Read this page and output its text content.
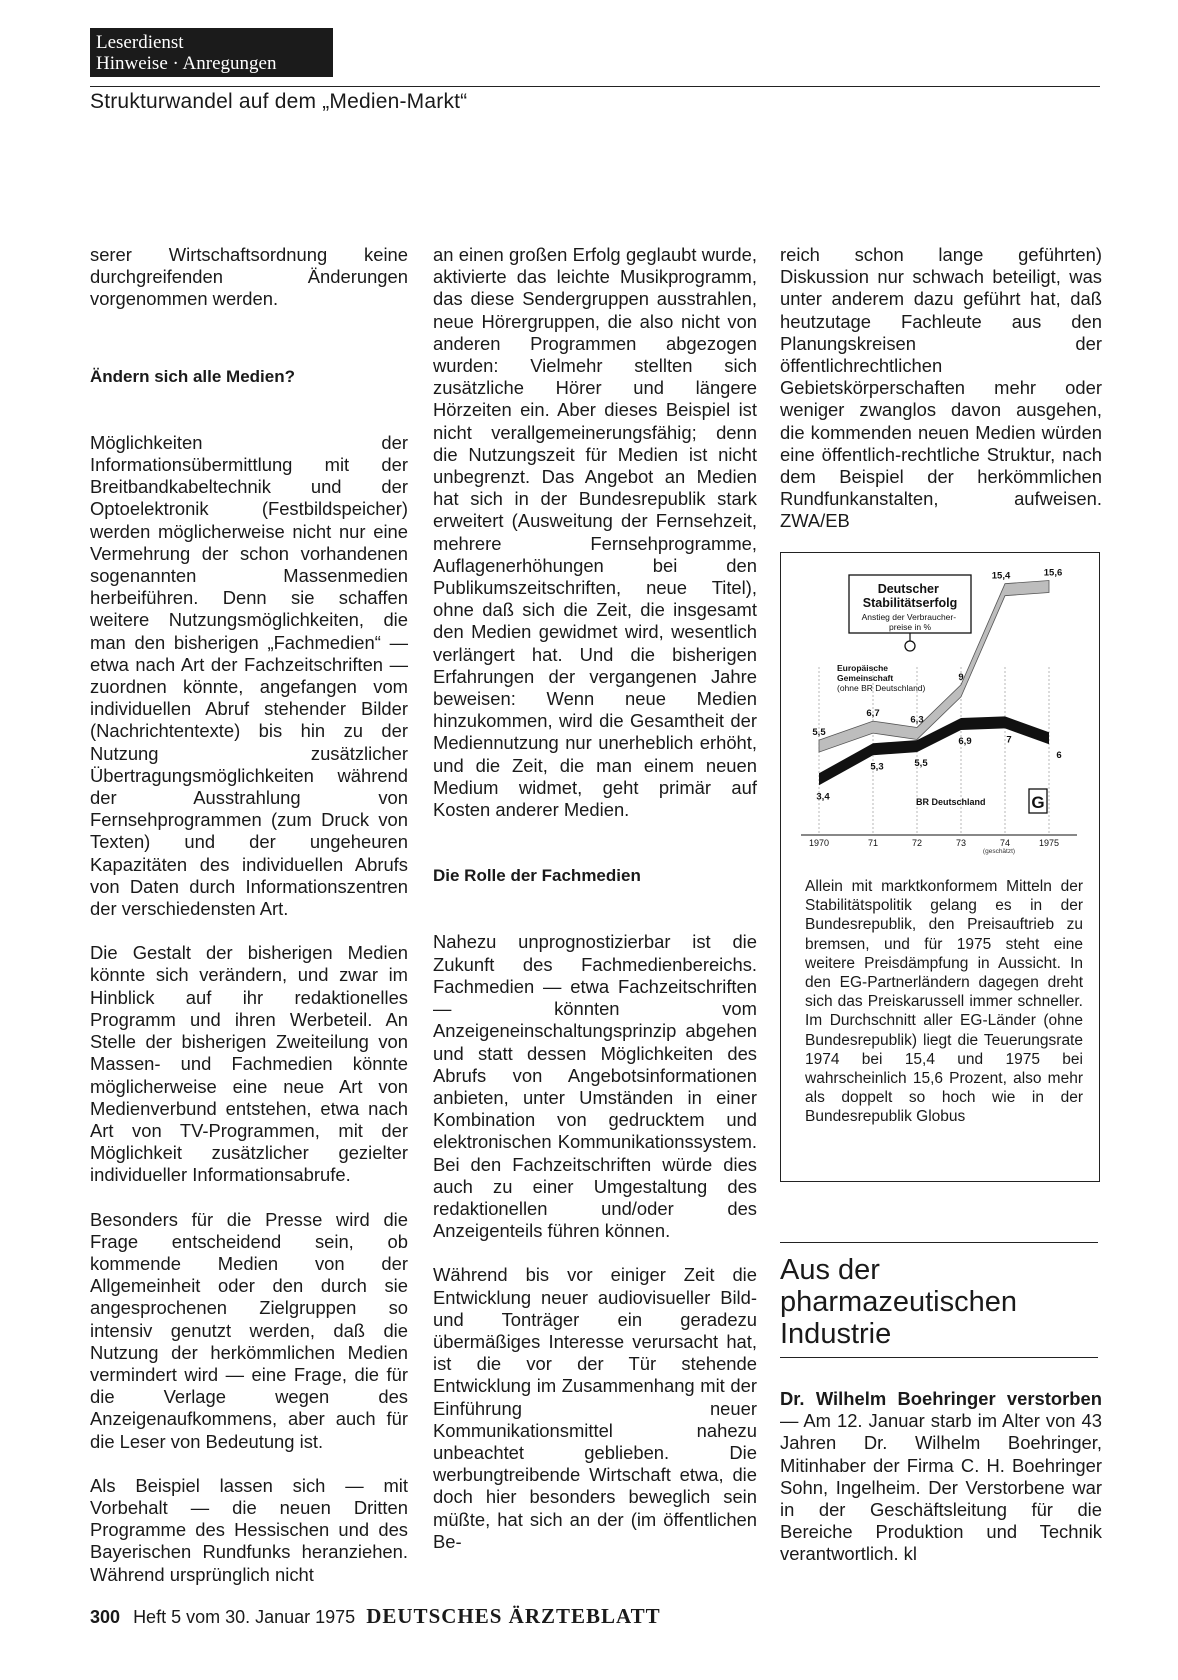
Leserdienst
Hinweise · Anregungen
Strukturwandel auf dem „Medien-Markt“

serer Wirtschaftsordnung keine durchgreifenden Änderungen vorgenommen werden.

Ändern sich alle Medien?

Möglichkeiten der Informationsübermittlung mit der Breitbandkabeltechnik und der Optoelektronik (Festbildspeicher) werden möglicherweise nicht nur eine Vermehrung der schon vorhandenen sogenannten Massenmedien herbeiführen. Denn sie schaffen weitere Nutzungsmöglichkeiten, die man den bisherigen „Fachmedien“ — etwa nach Art der Fachzeitschriften — zuordnen könnte, angefangen vom individuellen Abruf stehender Bilder (Nachrichtentexte) bis hin zu der Nutzung zusätzlicher Übertragungsmöglichkeiten während der Ausstrahlung von Fernsehprogrammen (zum Druck von Texten) und der ungeheuren Kapazitäten des individuellen Abrufs von Daten durch Informationszentren der verschiedensten Art.

Die Gestalt der bisherigen Medien könnte sich verändern, und zwar im Hinblick auf ihr redaktionelles Programm und ihren Werbeteil. An Stelle der bisherigen Zweiteilung von Massen- und Fachmedien könnte möglicherweise eine neue Art von Medienverbund entstehen, etwa nach Art von TV-Programmen, mit der Möglichkeit zusätzlicher gezielter individueller Informationsabrufe.

Besonders für die Presse wird die Frage entscheidend sein, ob kommende Medien von der Allgemeinheit oder den durch sie angesprochenen Zielgruppen so intensiv genutzt werden, daß die Nutzung der herkömmlichen Medien vermindert wird — eine Frage, die für die Verlage wegen des Anzeigenaufkommens, aber auch für die Leser von Bedeutung ist.

Als Beispiel lassen sich — mit Vorbehalt — die neuen Dritten Programme des Hessischen und des Bayerischen Rundfunks heranziehen. Während ursprünglich nicht

an einen großen Erfolg geglaubt wurde, aktivierte das leichte Musikprogramm, das diese Sendergruppen ausstrahlen, neue Hörergruppen, die also nicht von anderen Programmen abgezogen wurden: Vielmehr stellten sich zusätzliche Hörer und längere Hörzeiten ein. Aber dieses Beispiel ist nicht verallgemeinerungsfähig; denn die Nutzungszeit für Medien ist nicht unbegrenzt. Das Angebot an Medien hat sich in der Bundesrepublik stark erweitert (Ausweitung der Fernsehzeit, mehrere Fernsehprogramme, Auflagenerhöhungen bei den Publikumszeitschriften, neue Titel), ohne daß sich die Zeit, die insgesamt den Medien gewidmet wird, wesentlich verlängert hat. Und die bisherigen Erfahrungen der vergangenen Jahre beweisen: Wenn neue Medien hinzukommen, wird die Gesamtheit der Mediennutzung nur unerheblich erhöht, und die Zeit, die man einem neuen Medium widmet, geht primär auf Kosten anderer Medien.

Die Rolle der Fachmedien

Nahezu unprognostizierbar ist die Zukunft des Fachmedienbereichs. Fachmedien — etwa Fachzeitschriften — könnten vom Anzeigeneinschaltungsprinzip abgehen und statt dessen Möglichkeiten des Abrufs von Angebotsinformationen anbieten, unter Umständen in einer Kombination von gedrucktem und elektronischen Kommunikationssystem. Bei den Fachzeitschriften würde dies auch zu einer Umgestaltung des redaktionellen und/oder des Anzeigenteils führen können.

Während bis vor einiger Zeit die Entwicklung neuer audiovisueller Bild- und Tonträger ein geradezu übermäßiges Interesse verursacht hat, ist die vor der Tür stehende Entwicklung im Zusammenhang mit der Einführung neuer Kommunikationsmittel nahezu unbeachtet geblieben. Die werbungtreibende Wirtschaft etwa, die doch hier besonders beweglich sein müßte, hat sich an der (im öffentlichen Be-

reich schon lange geführten) Diskussion nur schwach beteiligt, was unter anderem dazu geführt hat, daß heutzutage Fachleute aus den Planungskreisen der öffentlichrechtlichen Gebietskörperschaften mehr oder weniger zwanglos davon ausgehen, die kommenden neuen Medien würden eine öffentlich-rechtliche Struktur, nach dem Beispiel der herkömmlichen Rundfunkanstalten, aufweisen. ZWA/EB

Deutscher Stabilitätserfolg
Anstieg der Verbraucher- preise in %
Europäische Gemeinschaft (ohne BR Deutschland)
BR Deutschland
5,5
6,7
6,3
9
15,4	15,6
3,4
5,3	5,5
6,9	7
6
1970	71	72	73	74	1975
(geschätzt)
G

Allein mit marktkonformem Mitteln der Stabilitätspolitik gelang es in der Bundesrepublik, den Preisauftrieb zu bremsen, und für 1975 steht eine weitere Preisdämpfung in Aussicht. In den EG-Partnerländern dagegen dreht sich das Preiskarussell immer schneller. Im Durchschnitt aller EG-Länder (ohne Bundesrepublik) liegt die Teuerungsrate 1974 bei 15,4 und 1975 bei wahrscheinlich 15,6 Prozent, also mehr als doppelt so hoch wie in der Bundesrepublik Globus

Aus der pharmazeutischen Industrie

Dr. Wilhelm Boehringer verstorben — Am 12. Januar starb im Alter von 43 Jahren Dr. Wilhelm Boehringer, Mitinhaber der Firma C. H. Boehringer Sohn, Ingelheim. Der Verstorbene war in der Geschäftsleitung für die Bereiche Produktion und Technik verantwortlich. kl

300 Heft 5 vom 30. Januar 1975 DEUTSCHES ÄRZTEBLATT
